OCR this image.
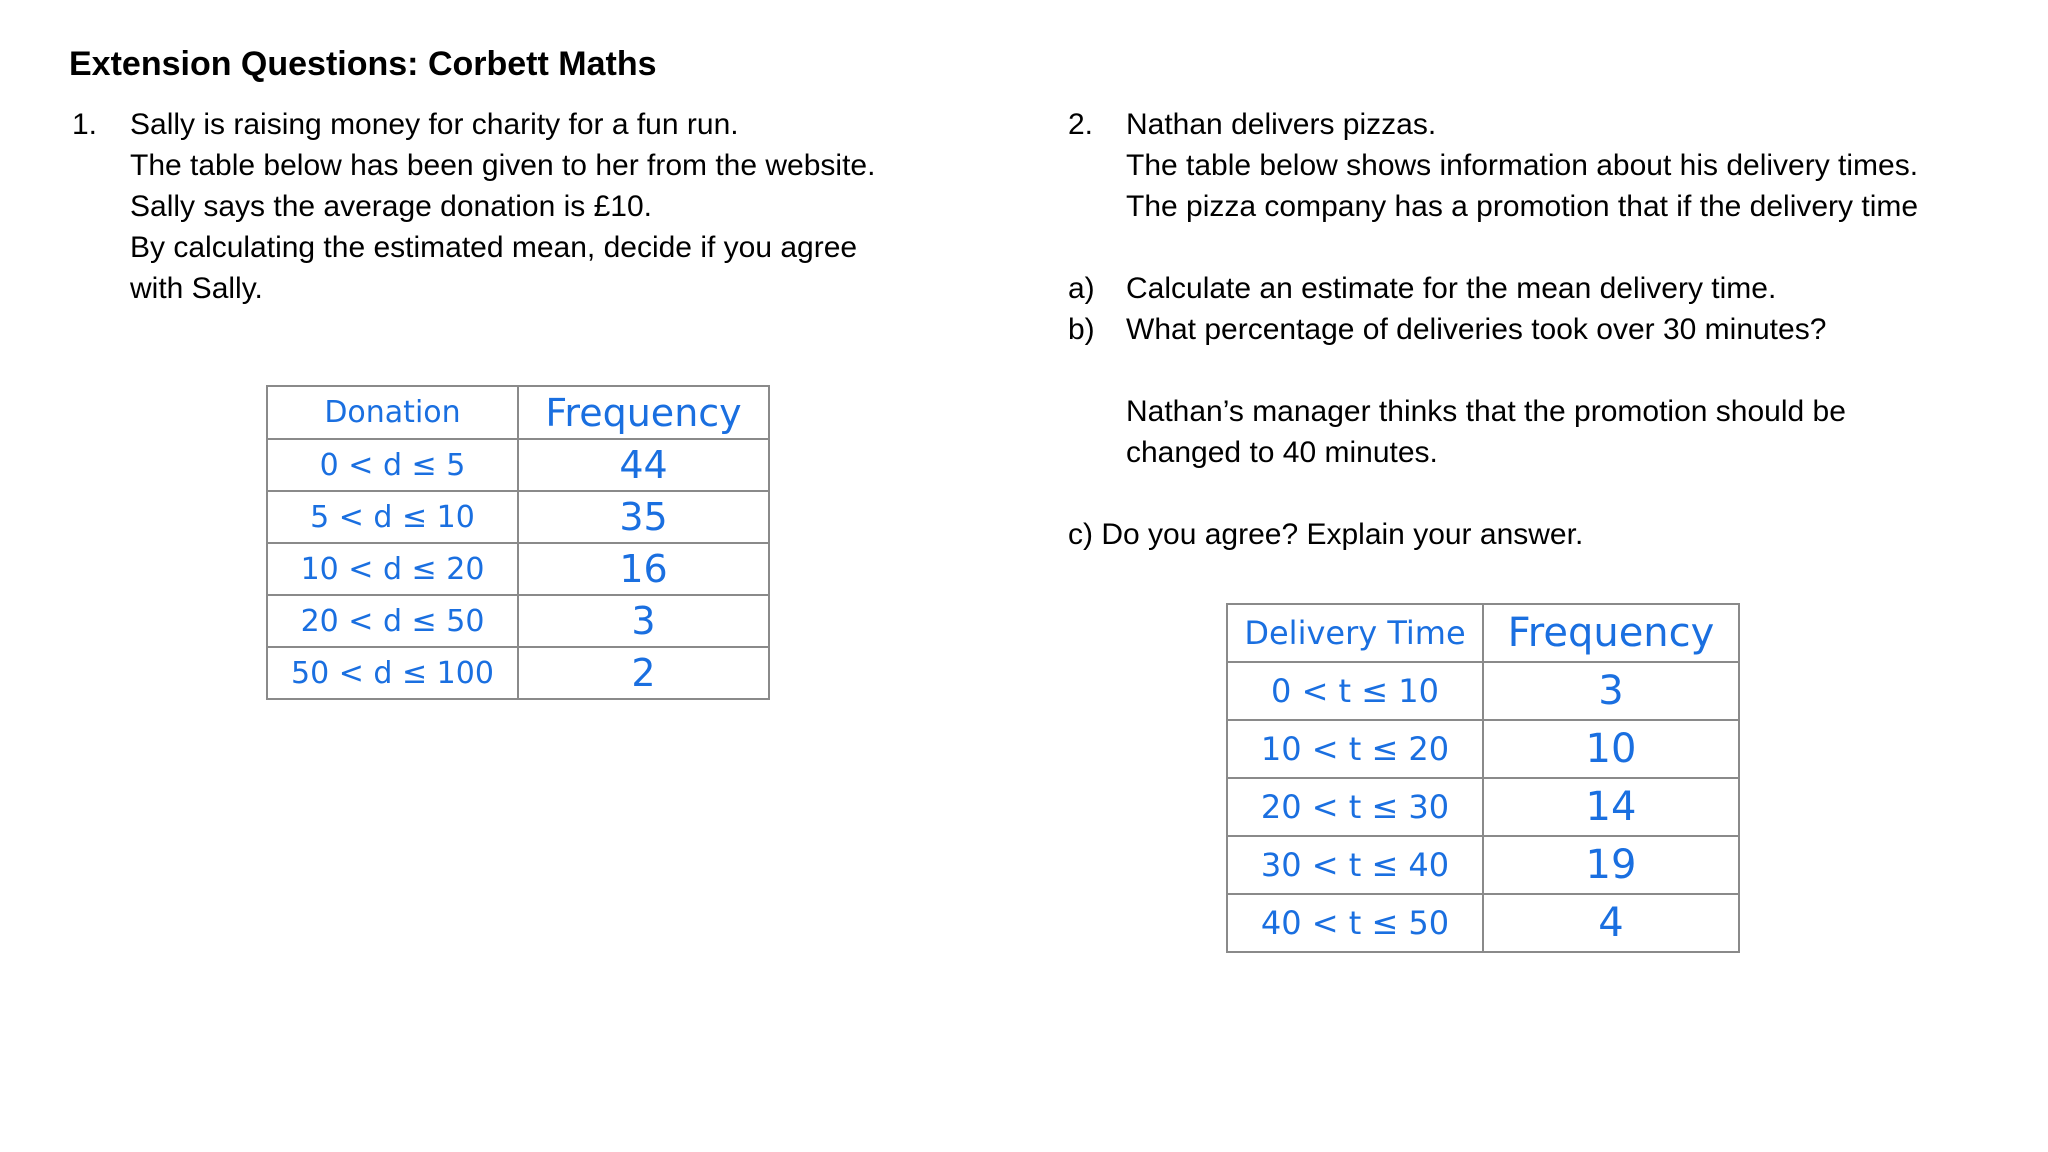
Extension Questions: Corbett Maths
1. Sally is raising money for charity for a fun run.
The table below has been given to her from the website.
Sally says the average donation is £10.
By calculating the estimated mean, decide if you agree
with Sally.
Donation	Frequency
0 < d ≤ 5	44
5 < d ≤ 10	35
10 < d ≤ 20	16
20 < d ≤ 50	3
50 < d ≤ 100	2
2. Nathan delivers pizzas.
The table below shows information about his delivery times.
The pizza company has a promotion that if the delivery time
a) Calculate an estimate for the mean delivery time.
b) What percentage of deliveries took over 30 minutes?
Nathan’s manager thinks that the promotion should be
changed to 40 minutes.
c) Do you agree? Explain your answer.
Delivery Time	Frequency
0 < t ≤ 10	3
10 < t ≤ 20	10
20 < t ≤ 30	14
30 < t ≤ 40	19
40 < t ≤ 50	4
